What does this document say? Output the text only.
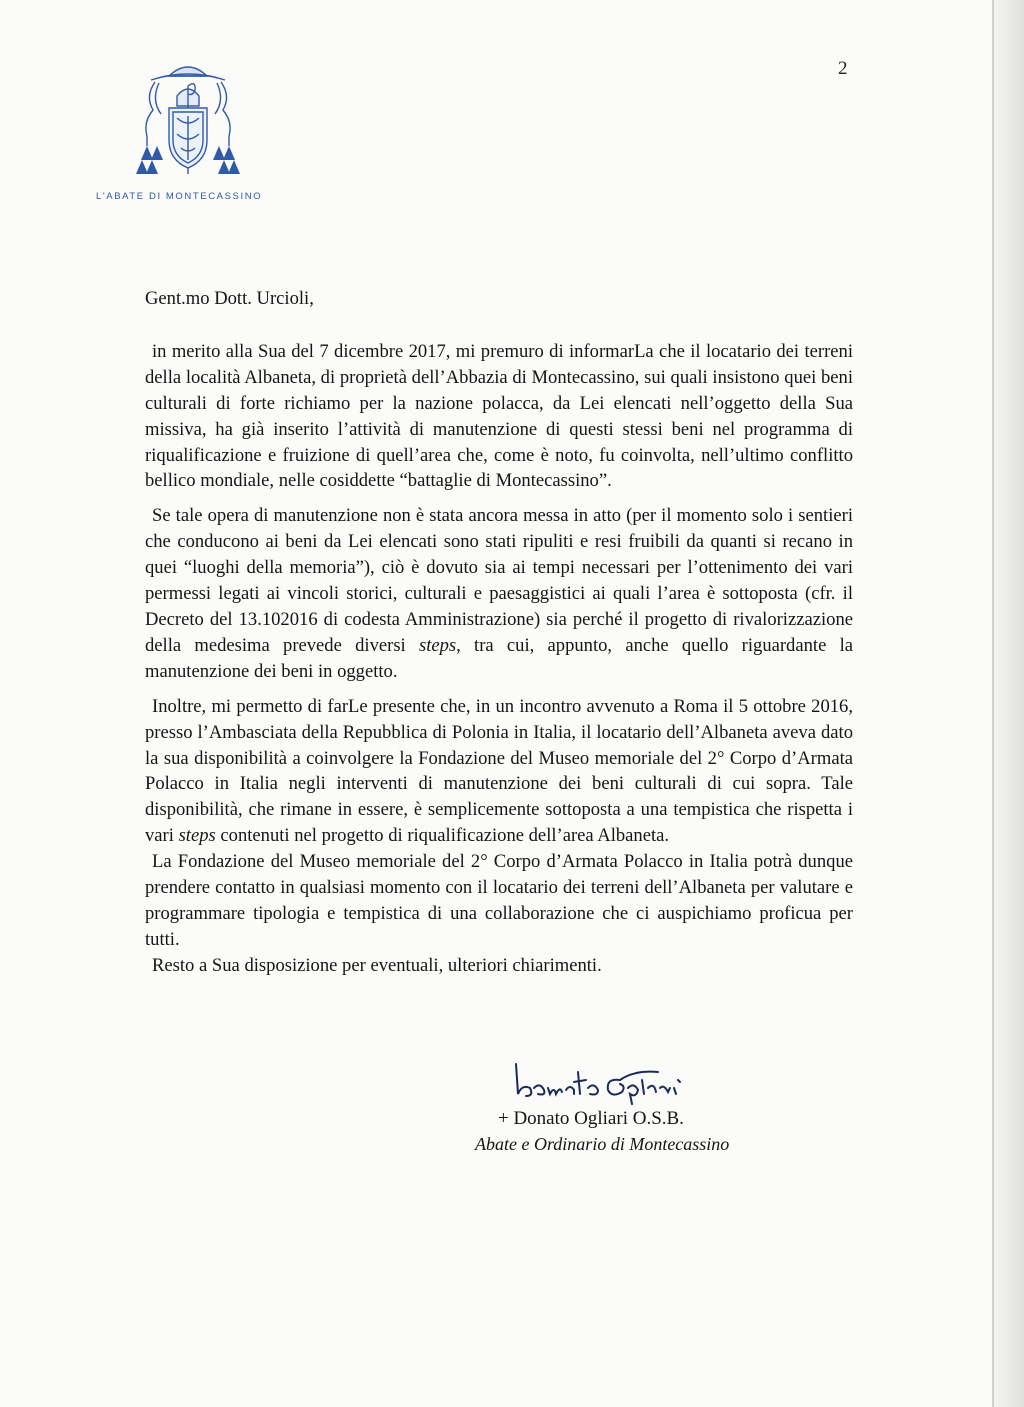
L'ABATE DI MONTECASSINO
2

Gent.mo Dott. Urcioli,

in merito alla Sua del 7 dicembre 2017, mi premuro di informarLa che il locatario dei terreni della località Albaneta, di proprietà dell’Abbazia di Montecassino, sui quali insistono quei beni culturali di forte richiamo per la nazione polacca, da Lei elencati nell’oggetto della Sua missiva, ha già inserito l’attività di manutenzione di questi stessi beni nel programma di riqualificazione e fruizione di quell’area che, come è noto, fu coinvolta, nell’ultimo conflitto bellico mondiale, nelle cosiddette “battaglie di Montecassino”.

Se tale opera di manutenzione non è stata ancora messa in atto (per il momento solo i sentieri che conducono ai beni da Lei elencati sono stati ripuliti e resi fruibili da quanti si recano in quei “luoghi della memoria”), ciò è dovuto sia ai tempi necessari per l’ottenimento dei vari permessi legati ai vincoli storici, culturali e paesaggistici ai quali l’area è sottoposta (cfr. il Decreto del 13.102016 di codesta Amministrazione) sia perché il progetto di rivalorizzazione della medesima prevede diversi steps, tra cui, appunto, anche quello riguardante la manutenzione dei beni in oggetto.

Inoltre, mi permetto di farLe presente che, in un incontro avvenuto a Roma il 5 ottobre 2016, presso l’Ambasciata della Repubblica di Polonia in Italia, il locatario dell’Albaneta aveva dato la sua disponibilità a coinvolgere la Fondazione del Museo memoriale del 2° Corpo d’Armata Polacco in Italia negli interventi di manutenzione dei beni culturali di cui sopra. Tale disponibilità, che rimane in essere, è semplicemente sottoposta a una tempistica che rispetta i vari steps contenuti nel progetto di riqualificazione dell’area Albaneta.

La Fondazione del Museo memoriale del 2° Corpo d’Armata Polacco in Italia potrà dunque prendere contatto in qualsiasi momento con il locatario dei terreni dell’Albaneta per valutare e programmare tipologia e tempistica di una collaborazione che ci auspichiamo proficua per tutti.

Resto a Sua disposizione per eventuali, ulteriori chiarimenti.

+ Donato Ogliari O.S.B.
Abate e Ordinario di Montecassino
